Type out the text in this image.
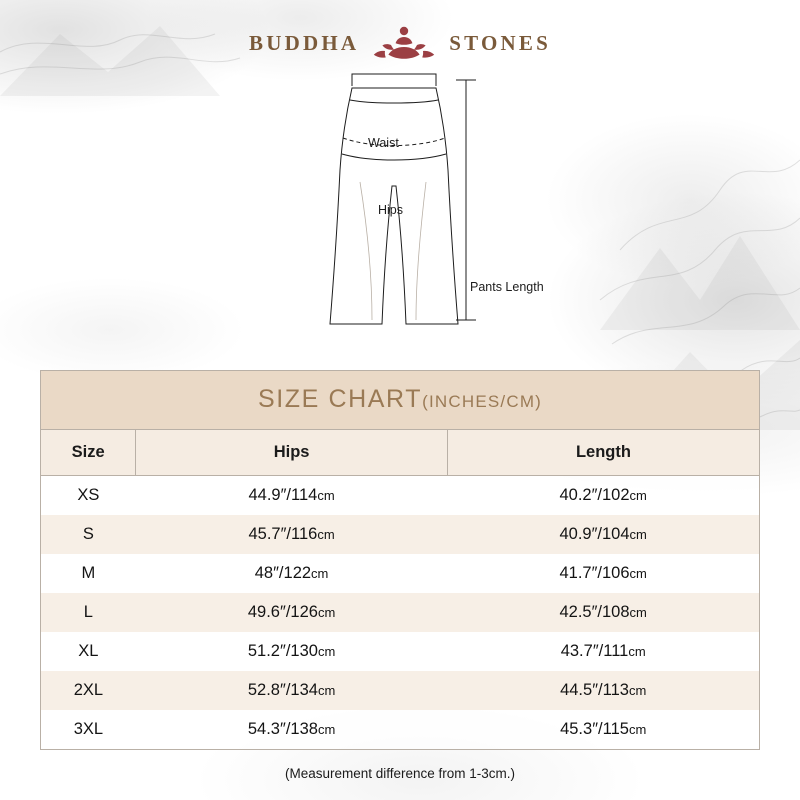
BUDDHA	STONES
Waist
Hips
Pants Length
SIZE CHART(INCHES/CM)
Size	Hips	Length
XS	44.9″/114cm	40.2″/102cm
S	45.7″/116cm	40.9″/104cm
M	48″/122cm	41.7″/106cm
L	49.6″/126cm	42.5″/108cm
XL	51.2″/130cm	43.7″/111cm
2XL	52.8″/134cm	44.5″/113cm
3XL	54.3″/138cm	45.3″/115cm
(Measurement difference from 1-3cm.)
